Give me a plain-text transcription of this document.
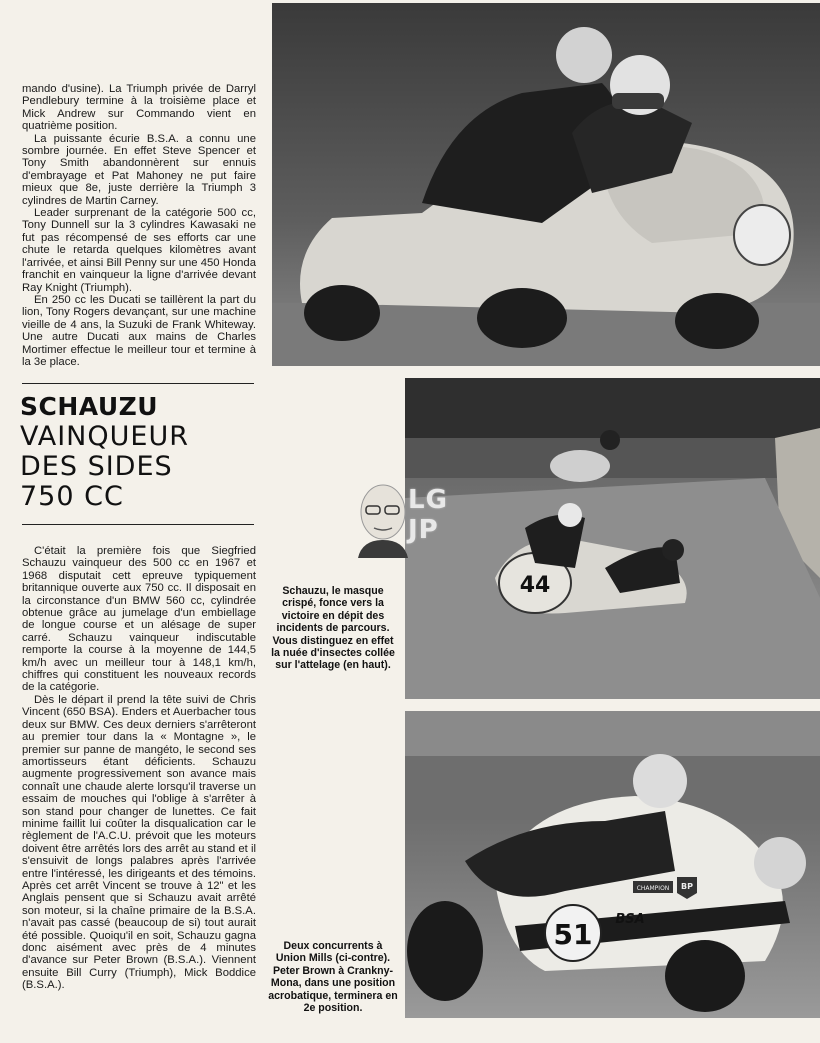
mando d'usine). La Triumph privée de Darryl Pendlebury termine à la troisième place et Mick Andrew sur Commando vient en quatrième position.

La puissante écurie B.S.A. a connu une sombre journée. En effet Steve Spencer et Tony Smith abandonnèrent sur ennuis d'embrayage et Pat Mahoney ne put faire mieux que 8e, juste derrière la Triumph 3 cylindres de Martin Carney.

Leader surprenant de la catégorie 500 cc, Tony Dunnell sur la 3 cylindres Kawasaki ne fut pas récompensé de ses efforts car une chute le retarda quelques kilomètres avant l'arrivée, et ainsi Bill Penny sur une 450 Honda franchit en vainqueur la ligne d'arrivée devant Ray Knight (Triumph).

En 250 cc les Ducati se taillèrent la part du lion, Tony Rogers devançant, sur une machine vieille de 4 ans, la Suzuki de Frank Whiteway. Une autre Ducati aux mains de Charles Mortimer effectue le meilleur tour et termine à la 3e place.

SCHAUZU
VAINQUEUR
DES SIDES
750 CC

C'était la première fois que Siegfried Schauzu vainqueur des 500 cc en 1967 et 1968 disputait cett epreuve typiquement britannique ouverte aux 750 cc. Il disposait en la circonstance d'un BMW 560 cc, cylindrée obtenue grâce au jumelage d'un embiellage de longue course et un alésage de super carré. Schauzu vainqueur indiscutable remporte la course à la moyenne de 144,5 km/h avec un meilleur tour à 148,1 km/h, chiffres qui constituent les nouveaux records de la catégorie.

Dès le départ il prend la tête suivi de Chris Vincent (650 BSA). Enders et Auerbacher tous deux sur BMW. Ces deux derniers s'arrêteront au premier tour dans la « Montagne », le premier sur panne de mangéto, le second ses amortisseurs étant déficients. Schauzu augmente progressivement son avance mais connaît une chaude alerte lorsqu'il traverse un essaim de mouches qui l'oblige à s'arrêter à son stand pour changer de lunettes. Ce fait minime faillit lui coûter la disqualication car le règlement de l'A.C.U. prévoit que les moteurs doivent être arrêtés lors des arrêt au stand et il s'ensuivit de longs palabres après l'arrivée entre l'intéressé, les dirigeants et des témoins. Après cet arrêt Vincent se trouve à 12" et les Anglais pensent que si Schauzu avait arrêté son moteur, si la chaîne primaire de la B.S.A. n'avait pas cassé (beaucoup de si) tout aurait été possible. Quoiqu'il en soit, Schauzu gagna donc aisément avec près de 4 minutes d'avance sur Peter Brown (B.S.A.). Viennent ensuite Bill Curry (Triumph), Mick Boddice (B.S.A.).

44
51
CHAMPION BP
BSA
LG
JP
Schauzu, le masque crispé, fonce vers la victoire en dépit des incidents de parcours. Vous distinguez en effet la nuée d'insectes collée sur l'attelage (en haut).
Deux concurrents à Union Mills (ci-contre). Peter Brown à Crankny-Mona, dans une position acrobatique, terminera en 2e position.
